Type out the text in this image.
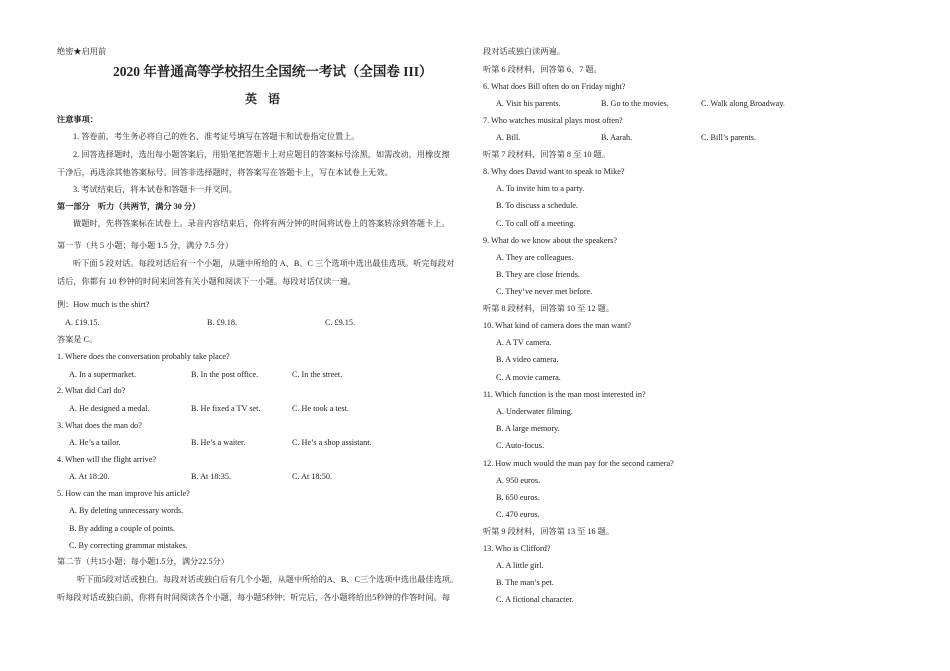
绝密★启用前
2020 年普通高等学校招生全国统一考试（全国卷 III）
英 语
注意事项：
1. 答卷前，考生务必将自己的姓名、准考证号填写在答题卡和试卷指定位置上。
2. 回答选择题时，选出每小题答案后，用铅笔把答题卡上对应题目的答案标号涂黑，如需改动，用橡皮擦
干净后，再选涂其他答案标号。回答非选择题时，将答案写在答题卡上，写在本试卷上无效。
3. 考试结束后，将本试卷和答题卡一并交回。
第一部分　听力（共两节，满分 30 分）
做题时，先将答案标在试卷上。录音内容结束后，你将有两分钟的时间将试卷上的答案转涂到答题卡上。
第一节（共 5 小题；每小题 1.5 分，满分 7.5 分）
听下面 5 段对话。每段对话后有一个小题，从题中所给的 A、B、C 三个选项中选出最佳选项。听完每段对
话后，你都有 10 秒钟的时间来回答有关小题和阅读下一小题。每段对话仅读一遍。
例：How much is the shirt?
A. £19.15.	B. £9.18.	C. £9.15.
答案是 C。
1. Where does the conversation probably take place?
A. In a supermarket.	B. In the post office.	C. In the street.
2. What did Carl do?
A. He designed a medal.	B. He fixed a TV set.	C. He took a test.
3. What does the man do?
A. He’s a tailor.	B. He’s a waiter.	C. He’s a shop assistant.
4. When will the flight arrive?
A. At 18:20.	B. At 18:35.	C. At 18:50.
5. How can the man improve his article?
A. By deleting unnecessary words.
B. By adding a couple of points.
C. By correcting grammar mistakes.
第二节（共15小题；每小题1.5分，满分22.5分）
听下面5段对话或独白。每段对话或独白后有几个小题，从题中所给的A、B、C三个选项中选出最佳选项。
听每段对话或独白前，你将有时间阅读各个小题，每小题5秒钟；听完后，各小题将给出5秒钟的作答时间。每
段对话或独白读两遍。
听第 6 段材料，回答第 6、7 题。
6. What does Bill often do on Friday night?
A. Visit his parents.	B. Go to the movies.	C. Walk along Broadway.
7. Who watches musical plays most often?
A. Bill.	B. Aarah.	C. Bill’s parents.
听第 7 段材料，回答第 8 至 10 题。
8. Why does David want to speak to Mike?
A. To invite him to a party.
B. To discuss a schedule.
C. To call off a meeting.
9. What do we know about the speakers?
A. They are colleagues.
B. They are close friends.
C. They’ve never met before.
听第 8 段材料，回答第 10 至 12 题。
10. What kind of camera does the man want?
A. A TV camera.
B. A video camera.
C. A movie camera.
11. Which function is the man most interested in?
A. Underwater filming.
B. A large memory.
C. Auto-focus.
12. How much would the man pay for the second camera?
A. 950 euros.
B. 650 euros.
C. 470 euros.
听第 9 段材料，回答第 13 至 16 题。
13. Who is Clifford?
A. A little girl.
B. The man’s pet.
C. A fictional character.
